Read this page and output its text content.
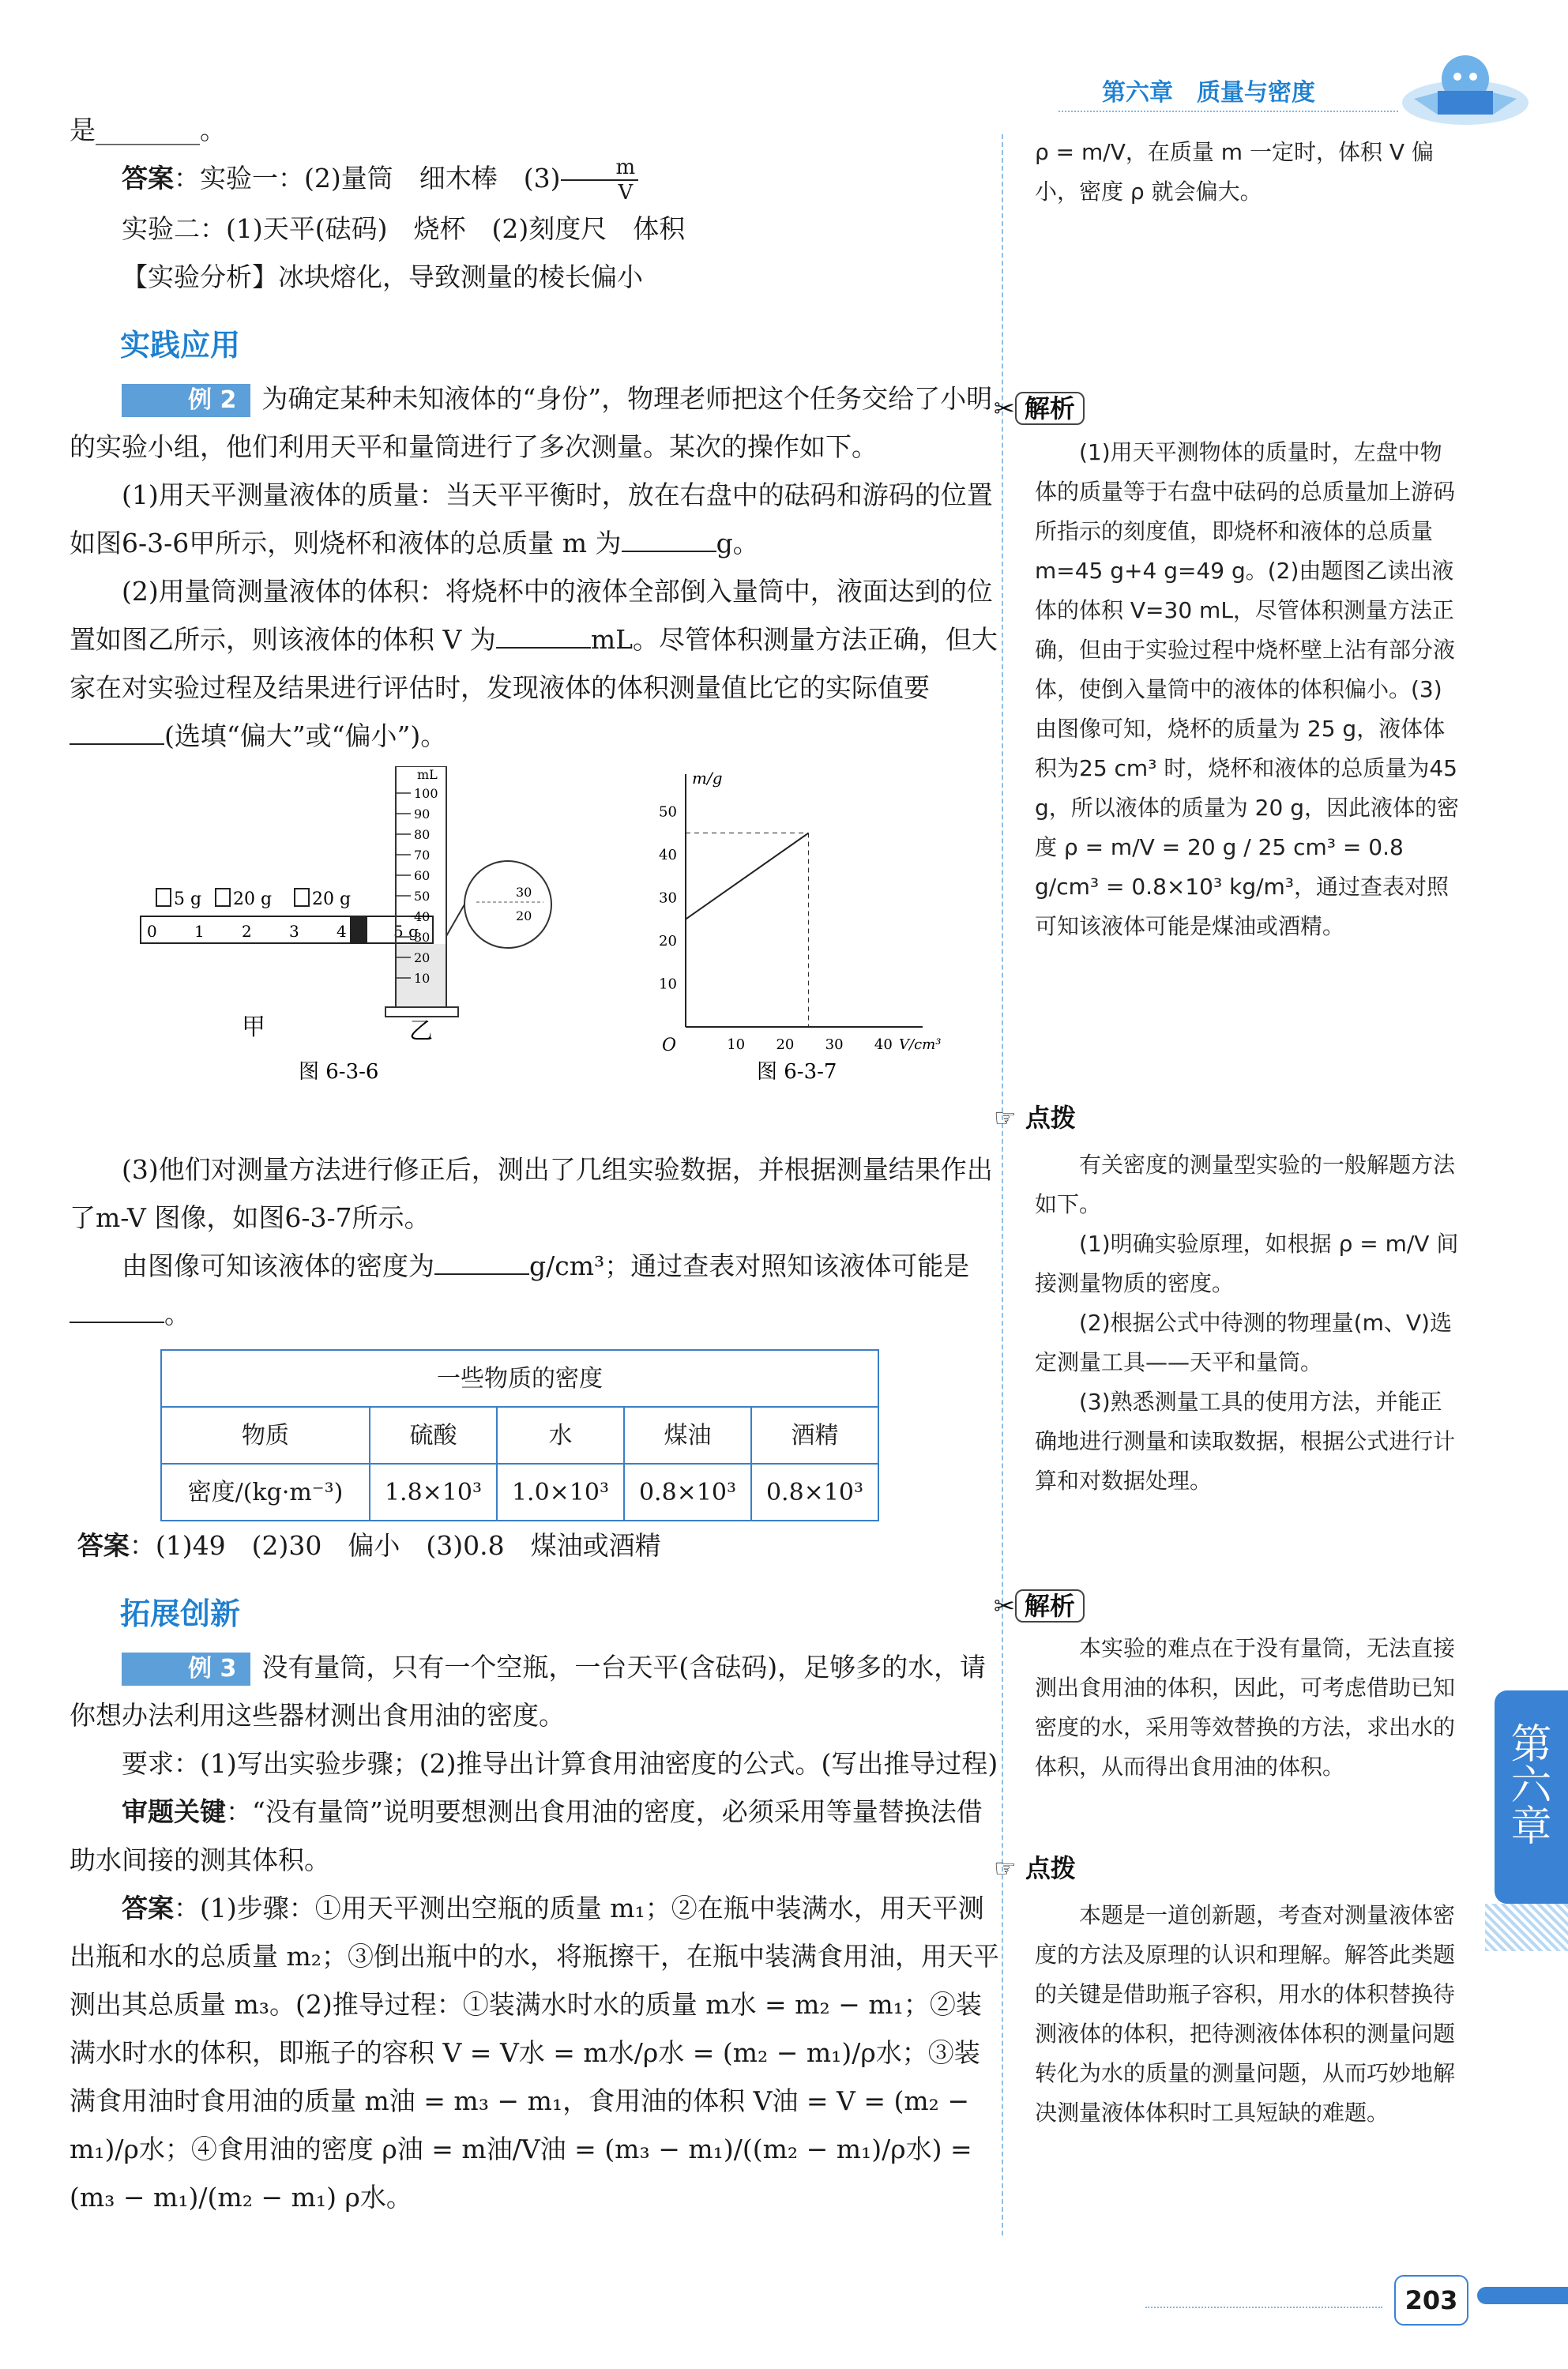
第六章　质量与密度
第六章

是________。

答案：实验一：(2)量筒　细木棒　$(3) \frac{m}{V}$

实验二：(1)天平(砝码)　烧杯　(2)刻度尺　体积

【实验分析】冰块熔化，导致测量的棱长偏小

实践应用

例 2 为确定某种未知液体的“身份”，物理老师把这个任务交给了小明的实验小组，他们利用天平和量筒进行了多次测量。某次的操作如下。

(1)用天平测量液体的质量：当天平平衡时，放在右盘中的砝码和游码的位置如图6-3-6甲所示，则烧杯和液体的总质量 m 为	g。

(2)用量筒测量液体的体积：将烧杯中的液体全部倒入量筒中，液面达到的位置如图乙所示，则该液体的体积 V 为	mL。尽管体积测量方法正确，但大家在对实验过程及结果进行评估时，发现液体的体积测量值比它的实际值要(选填“偏大”或“偏小”)。

5 g 20 g 20 g
0 1 2 3 4	5 g
mL
100
90
80
70
60
50
40
30
20
10
30
20
甲	乙
图 6-3-6
m/g
V/cm³
O	10 20 30 40
10
20
30
40
50
图 6-3-7

(3)他们对测量方法进行修正后，测出了几组实验数据，并根据测量结果作出了m-V 图像，如图6-3-7所示。

由图像可知该液体的密度为	g/cm³；通过查表对照知该液体可能是。

一些物质的密度				
物质	硫酸	水	煤油	酒精
密度/(kg·m⁻³)	1.8×10³	1.0×10³	0.8×10³	0.8×10³

答案：(1)49　(2)30　偏小　(3)0.8　煤油或酒精

拓展创新

例 3 没有量筒，只有一个空瓶，一台天平(含砝码)，足够多的水，请你想办法利用这些器材测出食用油的密度。

要求：(1)写出实验步骤；(2)推导出计算食用油密度的公式。(写出推导过程)

审题关键：“没有量筒”说明要想测出食用油的密度，必须采用等量替换法借助水间接的测其体积。

答案：(1)步骤：①用天平测出空瓶的质量 m₁；②在瓶中装满水，用天平测出瓶和水的总质量 m₂；③倒出瓶中的水，将瓶擦干，在瓶中装满食用油，用天平测出其总质量 m₃。(2)推导过程：①装满水时水的质量 m水 = m₂ − m₁；②装满水时水的体积，即瓶子的容积 V = V水 = m水/ρ水 = (m₂ − m₁)/ρ水；③装满食用油时食用油的质量 m油 = m₃ − m₁，食用油的体积 V油 = V = (m₂ − m₁)/ρ水；④食用油的密度 ρ油 = m油/V油 = (m₃ − m₁)/((m₂ − m₁)/ρ水) = (m₃ − m₁)/(m₂ − m₁) ρ水。

ρ = m/V，在质量 m 一定时，体积 V 偏小，密度 ρ 就会偏大。
✂ 解析
(1)用天平测物体的质量时，左盘中物体的质量等于右盘中砝码的总质量加上游码所指示的刻度值，即烧杯和液体的总质量 m=45 g+4 g=49 g。(2)由题图乙读出液体的体积 V=30 mL，尽管体积测量方法正确，但由于实验过程中烧杯壁上沾有部分液体，使倒入量筒中的液体的体积偏小。(3)由图像可知，烧杯的质量为 25 g，液体体积为25 cm³ 时，烧杯和液体的总质量为45 g，所以液体的质量为 20 g，因此液体的密度 ρ = m/V = 20 g / 25 cm³ = 0.8 g/cm³ = 0.8×10³ kg/m³，通过查表对照可知该液体可能是煤油或酒精。
☞ 点拨

有关密度的测量型实验的一般解题方法如下。

(1)明确实验原理，如根据 ρ = m/V 间接测量物质的密度。

(2)根据公式中待测的物理量(m、V)选定测量工具——天平和量筒。

(3)熟悉测量工具的使用方法，并能正确地进行测量和读取数据，根据公式进行计算和对数据处理。

✂ 解析
本实验的难点在于没有量筒，无法直接测出食用油的体积，因此，可考虑借助已知密度的水，采用等效替换的方法，求出水的体积，从而得出食用油的体积。
☞ 点拨
本题是一道创新题，考查对测量液体密度的方法及原理的认识和理解。解答此类题的关键是借助瓶子容积，用水的体积替换待测液体的体积，把待测液体体积的测量问题转化为水的质量的测量问题，从而巧妙地解决测量液体体积时工具短缺的难题。
203
